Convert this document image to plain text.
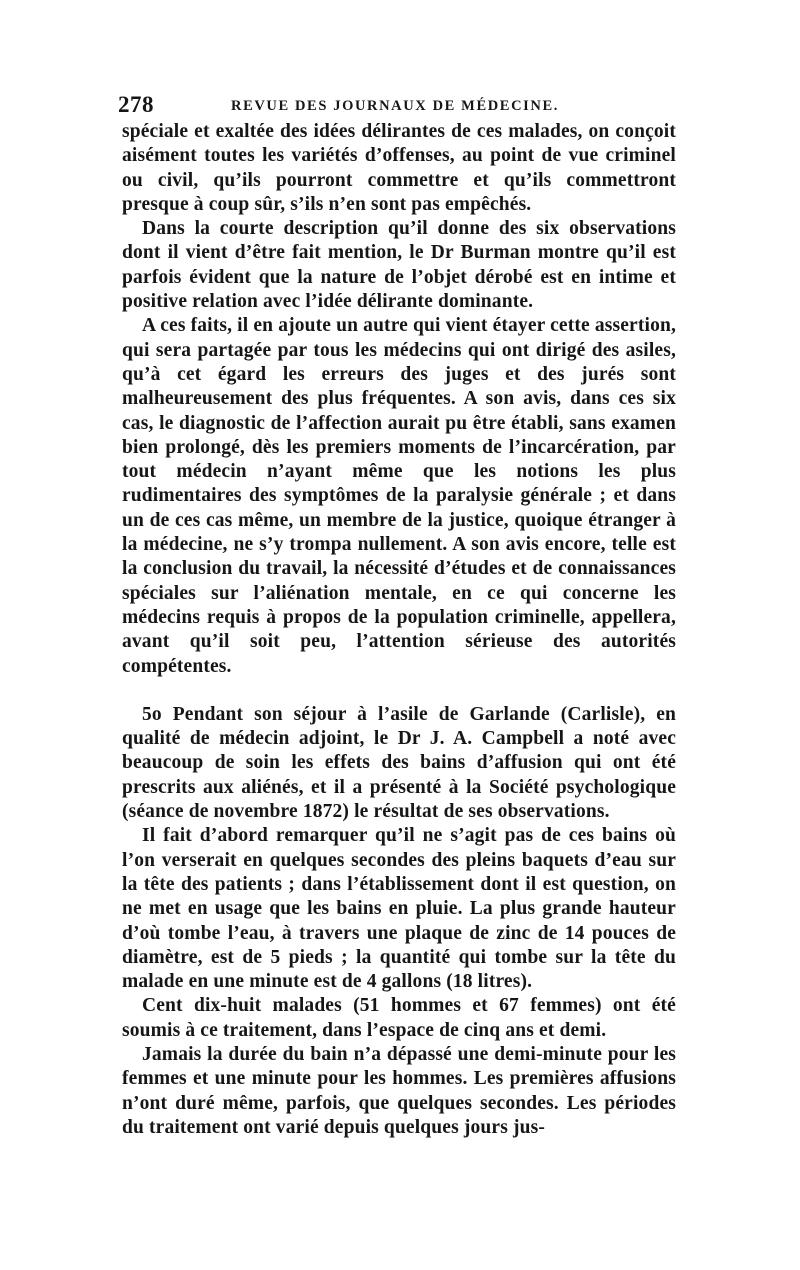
278	REVUE DES JOURNAUX DE MÉDECINE.

spéciale et exaltée des idées délirantes de ces malades, on conçoit aisément toutes les variétés d’offenses, au point de vue criminel ou civil, qu’ils pourront commettre et qu’ils commettront presque à coup sûr, s’ils n’en sont pas empêchés.

Dans la courte description qu’il donne des six observations dont il vient d’être fait mention, le Dr Burman montre qu’il est parfois évident que la nature de l’objet dérobé est en intime et positive relation avec l’idée délirante dominante.

A ces faits, il en ajoute un autre qui vient étayer cette assertion, qui sera partagée par tous les médecins qui ont dirigé des asiles, qu’à cet égard les erreurs des juges et des jurés sont malheureusement des plus fréquentes. A son avis, dans ces six cas, le diagnostic de l’affection aurait pu être établi, sans examen bien prolongé, dès les premiers moments de l’incarcération, par tout médecin n’ayant même que les notions les plus rudimentaires des symptômes de la paralysie générale ; et dans un de ces cas même, un membre de la justice, quoique étranger à la médecine, ne s’y trompa nullement. A son avis encore, telle est la conclusion du travail, la nécessité d’études et de connaissances spéciales sur l’aliénation mentale, en ce qui concerne les médecins requis à propos de la population criminelle, appellera, avant qu’il soit peu, l’attention sérieuse des autorités compétentes.

5o Pendant son séjour à l’asile de Garlande (Carlisle), en qualité de médecin adjoint, le Dr J. A. Campbell a noté avec beaucoup de soin les effets des bains d’affusion qui ont été prescrits aux aliénés, et il a présenté à la Société psychologique (séance de novembre 1872) le résultat de ses observations.

Il fait d’abord remarquer qu’il ne s’agit pas de ces bains où l’on verserait en quelques secondes des pleins baquets d’eau sur la tête des patients ; dans l’établissement dont il est question, on ne met en usage que les bains en pluie. La plus grande hauteur d’où tombe l’eau, à travers une plaque de zinc de 14 pouces de diamètre, est de 5 pieds ; la quantité qui tombe sur la tête du malade en une minute est de 4 gallons (18 litres).

Cent dix-huit malades (51 hommes et 67 femmes) ont été soumis à ce traitement, dans l’espace de cinq ans et demi.

Jamais la durée du bain n’a dépassé une demi-minute pour les femmes et une minute pour les hommes. Les premières affusions n’ont duré même, parfois, que quelques secondes. Les périodes du traitement ont varié depuis quelques jours jus-
